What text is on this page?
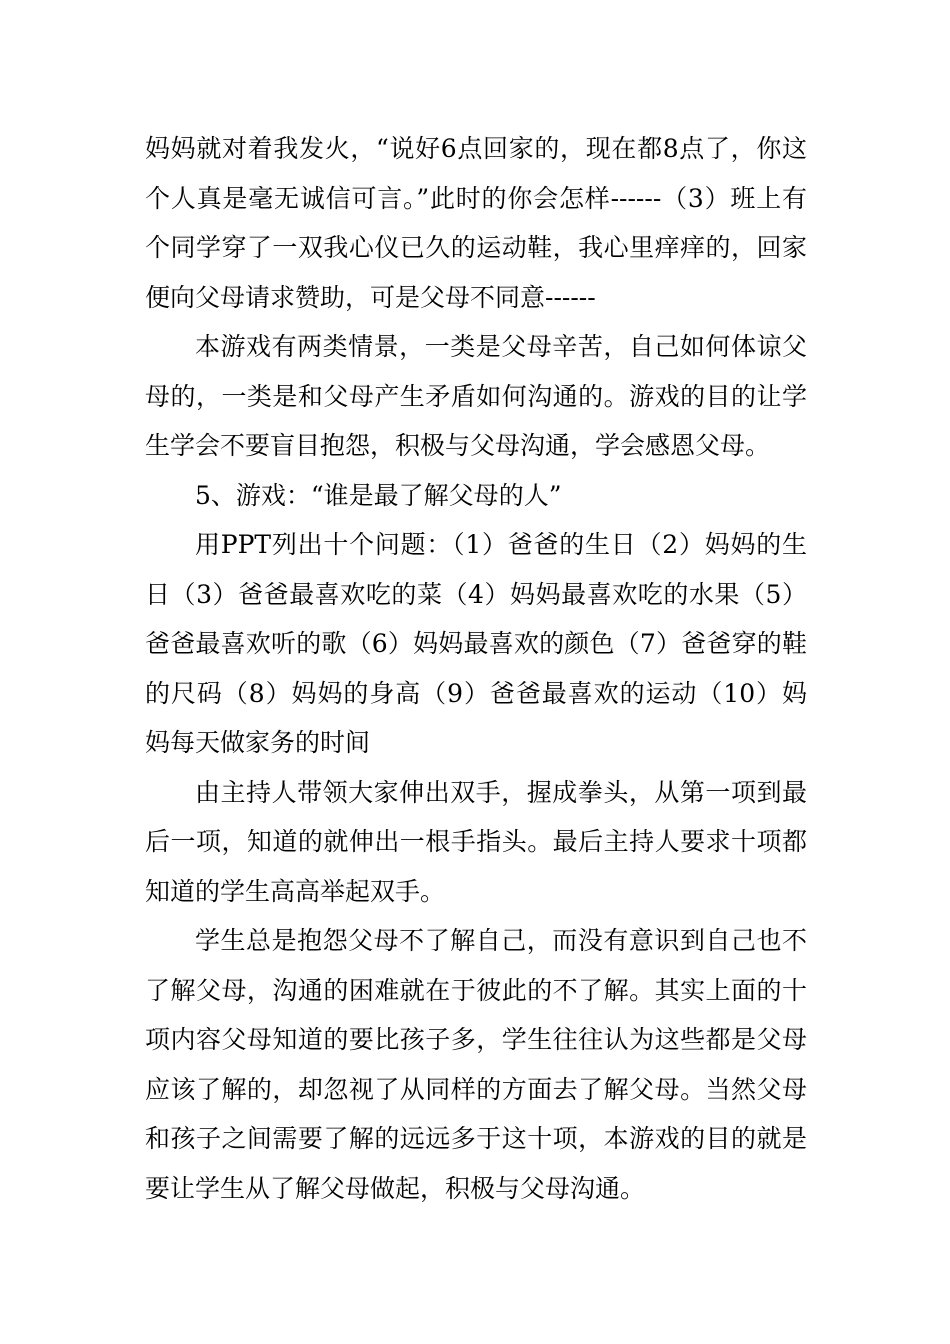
妈妈就对着我发火，“说好6点回家的，现在都8点了，你这个人真是毫无诚信可言。”此时的你会怎样------（3）班上有个同学穿了一双我心仪已久的运动鞋，我心里痒痒的，回家便向父母请求赞助，可是父母不同意------

本游戏有两类情景，一类是父母辛苦，自己如何体谅父母的，一类是和父母产生矛盾如何沟通的。游戏的目的让学生学会不要盲目抱怨，积极与父母沟通，学会感恩父母。

5、游戏：“谁是最了解父母的人”

用PPT列出十个问题：（1）爸爸的生日（2）妈妈的生日（3）爸爸最喜欢吃的菜（4）妈妈最喜欢吃的水果（5）爸爸最喜欢听的歌（6）妈妈最喜欢的颜色（7）爸爸穿的鞋的尺码（8）妈妈的身高（9）爸爸最喜欢的运动（10）妈妈每天做家务的时间

由主持人带领大家伸出双手，握成拳头，从第一项到最后一项，知道的就伸出一根手指头。最后主持人要求十项都知道的学生高高举起双手。

学生总是抱怨父母不了解自己，而没有意识到自己也不了解父母，沟通的困难就在于彼此的不了解。其实上面的十项内容父母知道的要比孩子多，学生往往认为这些都是父母应该了解的，却忽视了从同样的方面去了解父母。当然父母和孩子之间需要了解的远远多于这十项，本游戏的目的就是要让学生从了解父母做起，积极与父母沟通。
